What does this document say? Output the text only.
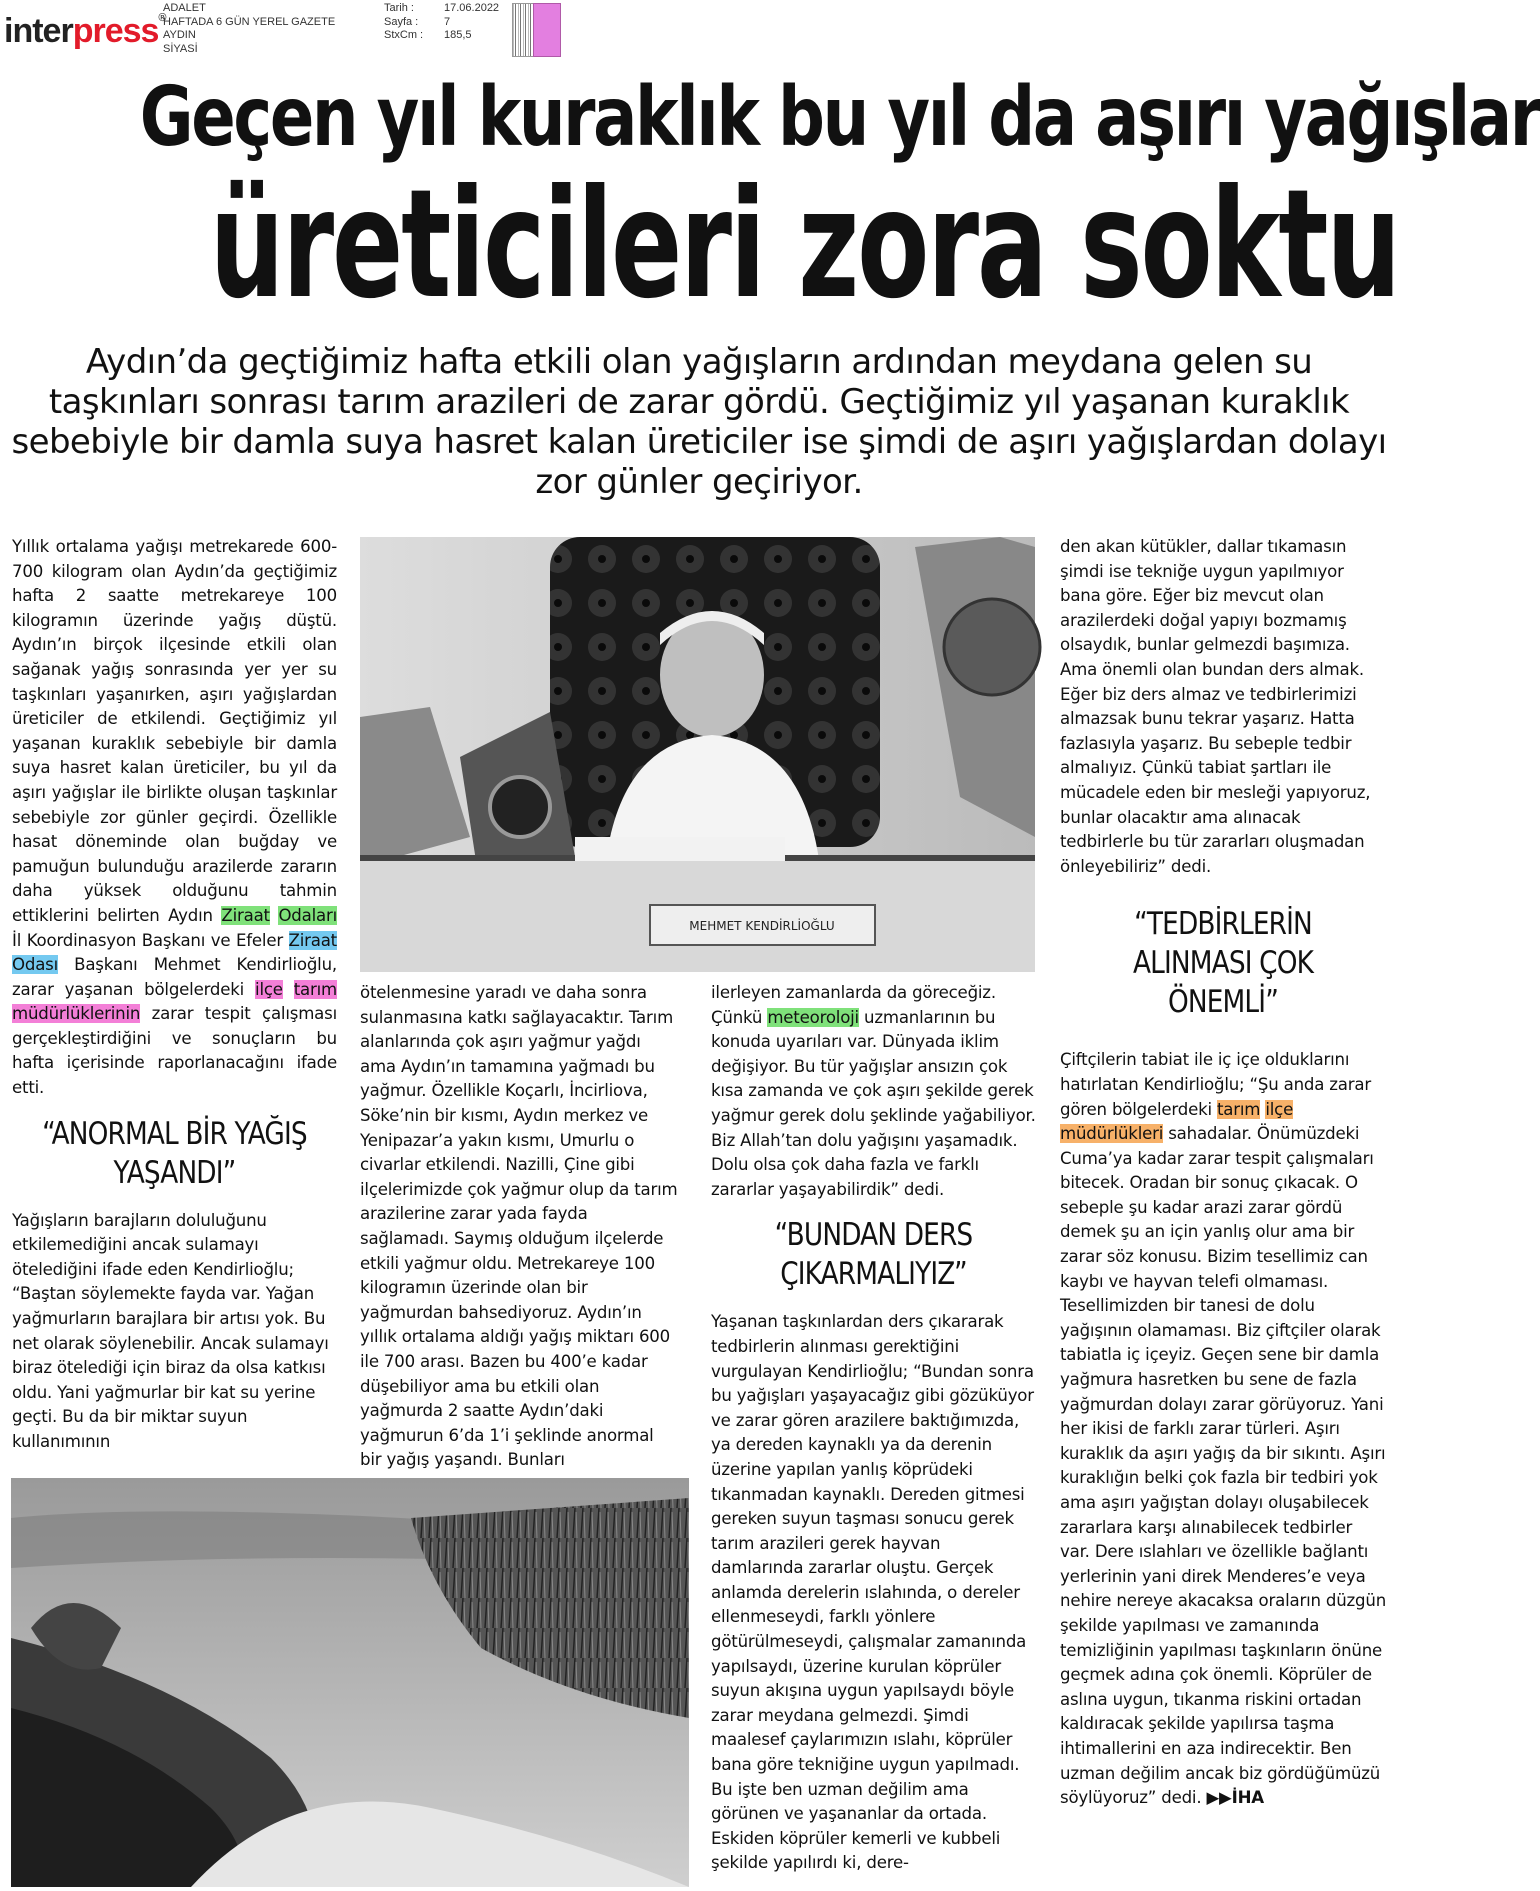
interpress®
ADALET
HAFTADA 6 GÜN YEREL GAZETE
AYDIN
SİYASİ
Tarih :
Sayfa :
StxCm :
17.06.2022
7
185,5
Geçen yıl kuraklık bu yıl da aşırı yağışlar
üreticileri zora soktu
Aydın’da geçtiğimiz hafta etkili olan yağışların ardından meydana gelen su taşkınları sonrası tarım arazileri de zarar gördü. Geçtiğimiz yıl yaşanan kuraklık sebebiyle bir damla suya hasret kalan üreticiler ise şimdi de aşırı yağışlardan dolayı zor günler geçiriyor.

Yıllık ortalama yağışı metrekarede 600-700 kilogram olan Aydın’da geçtiğimiz hafta 2 saatte metrekareye 100 kilogramın üzerinde yağış düştü. Aydın’ın birçok ilçesinde etkili olan sağanak yağış sonrasında yer yer su taşkınları yaşanırken, aşırı yağışlardan üreticiler de etkilendi. Geçtiğimiz yıl yaşanan kuraklık sebebiyle bir damla suya hasret kalan üreticiler, bu yıl da aşırı yağışlar ile birlikte oluşan taşkınlar sebebiyle zor günler geçirdi. Özellikle hasat döneminde olan buğday ve pamuğun bulunduğu arazilerde zararın daha yüksek olduğunu tahmin ettiklerini belirten Aydın Ziraat Odaları İl Koordinasyon Başkanı ve Efeler Ziraat Odası Başkanı Mehmet Kendirlioğlu, zarar yaşanan bölgelerdeki ilçe tarım müdürlüklerinin zarar tespit çalışması gerçekleştirdiğini ve sonuçların bu hafta içerisinde raporlanacağını ifade etti.

“ANORMAL BİR YAĞIŞ YAŞANDI”

Yağışların barajların doluluğunu etkilemediğini ancak sulamayı ötelediğini ifade eden Kendirlioğlu; “Baştan söylemekte fayda var. Yağan yağmurların barajlara bir artısı yok. Bu net olarak söylenebilir. Ancak sulamayı biraz ötelediği için biraz da olsa katkısı oldu. Yani yağmurlar bir kat su yerine geçti. Bu da bir miktar suyun kullanımının

MEHMET KENDİRLİOĞLU

ötelenmesine yaradı ve daha sonra sulanmasına katkı sağlayacaktır. Tarım alanlarında çok aşırı yağmur yağdı ama Aydın’ın tamamına yağmadı bu yağmur. Özellikle Koçarlı, İncirliova, Söke’nin bir kısmı, Aydın merkez ve Yenipazar’a yakın kısmı, Umurlu o civarlar etkilendi. Nazilli, Çine gibi ilçelerimizde çok yağmur olup da tarım arazilerine zarar yada fayda sağlamadı. Saymış olduğum ilçelerde etkili yağmur oldu. Metrekareye 100 kilogramın üzerinde olan bir yağmurdan bahsediyoruz. Aydın’ın yıllık ortalama aldığı yağış miktarı 600 ile 700 arası. Bazen bu 400’e kadar düşebiliyor ama bu etkili olan yağmurda 2 saatte Aydın’daki yağmurun 6’da 1’i şeklinde anormal bir yağış yaşandı. Bunları

ilerleyen zamanlarda da göreceğiz. Çünkü meteoroloji uzmanlarının bu konuda uyarıları var. Dünyada iklim değişiyor. Bu tür yağışlar ansızın çok kısa zamanda ve çok aşırı şekilde gerek yağmur gerek dolu şeklinde yağabiliyor. Biz Allah’tan dolu yağışını yaşamadık. Dolu olsa çok daha fazla ve farklı zararlar yaşayabilirdik” dedi.

“BUNDAN DERS ÇIKARMALIYIZ”

Yaşanan taşkınlardan ders çıkararak tedbirlerin alınması gerektiğini vurgulayan Kendirlioğlu; “Bundan sonra bu yağışları yaşayacağız gibi gözüküyor ve zarar gören arazilere baktığımızda, ya dereden kaynaklı ya da derenin üzerine yapılan yanlış köprüdeki tıkanmadan kaynaklı. Dereden gitmesi gereken suyun taşması sonucu gerek tarım arazileri gerek hayvan damlarında zararlar oluştu. Gerçek anlamda derelerin ıslahında, o dereler ellenmeseydi, farklı yönlere götürülmeseydi, çalışmalar zamanında yapılsaydı, üzerine kurulan köprüler suyun akışına uygun yapılsaydı böyle zarar meydana gelmezdi. Şimdi maalesef çaylarımızın ıslahı, köprüler bana göre tekniğine uygun yapılmadı. Bu işte ben uzman değilim ama görünen ve yaşananlar da ortada. Eskiden köprüler kemerli ve kubbeli şekilde yapılırdı ki, dere-

den akan kütükler, dallar tıkamasın şimdi ise tekniğe uygun yapılmıyor bana göre. Eğer biz mevcut olan arazilerdeki doğal yapıyı bozmamış olsaydık, bunlar gelmezdi başımıza. Ama önemli olan bundan ders almak. Eğer biz ders almaz ve tedbirlerimizi almazsak bunu tekrar yaşarız. Hatta fazlasıyla yaşarız. Bu sebeple tedbir almalıyız. Çünkü tabiat şartları ile mücadele eden bir mesleği yapıyoruz, bunlar olacaktır ama alınacak tedbirlerle bu tür zararları oluşmadan önleyebiliriz” dedi.

“TEDBİRLERİN ALINMASI ÇOK ÖNEMLİ”

Çiftçilerin tabiat ile iç içe olduklarını hatırlatan Kendirlioğlu; “Şu anda zarar gören bölgelerdeki tarım ilçe müdürlükleri sahadalar. Önümüzdeki Cuma’ya kadar zarar tespit çalışmaları bitecek. Oradan bir sonuç çıkacak. O sebeple şu kadar arazi zarar gördü demek şu an için yanlış olur ama bir zarar söz konusu. Bizim tesellimiz can kaybı ve hayvan telefi olmaması. Tesellimizden bir tanesi de dolu yağışının olamaması. Biz çiftçiler olarak tabiatla iç içeyiz. Geçen sene bir damla yağmura hasretken bu sene de fazla yağmurdan dolayı zarar görüyoruz. Yani her ikisi de farklı zarar türleri. Aşırı kuraklık da aşırı yağış da bir sıkıntı. Aşırı kuraklığın belki çok fazla bir tedbiri yok ama aşırı yağıştan dolayı oluşabilecek zararlara karşı alınabilecek tedbirler var. Dere ıslahları ve özellikle bağlantı yerlerinin yani direk Menderes’e veya nehire nereye akacaksa oraların düzgün şekilde yapılması ve zamanında temizliğinin yapılması taşkınların önüne geçmek adına çok önemli. Köprüler de aslına uygun, tıkanma riskini ortadan kaldıracak şekilde yapılırsa taşma ihtimallerini en aza indirecektir. Ben uzman değilim ancak biz gördüğümüzü söylüyoruz” dedi. ▶▶İHA
